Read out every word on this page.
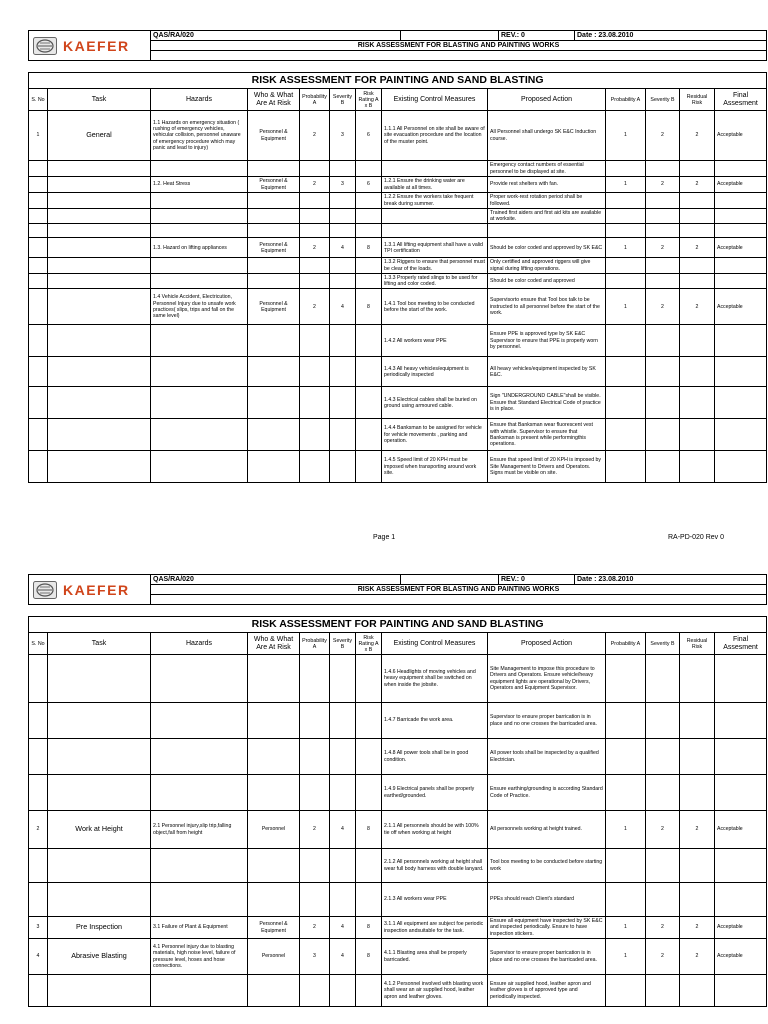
KAEFER
	QAS/RA/020		REV.: 0	Date : 23.08.2010
RISK ASSESSMENT FOR BLASTING AND PAINTING WORKS

RISK ASSESSMENT FOR PAINTING AND SAND BLASTING												
S. No	Task	Hazards	Who & What Are At Risk	Probability A	Severity B	Risk Rating A x B	Existing Control Measures	Proposed Action	Probability A	Severity B	Residual Risk	Final Assesment
1	General	1.1 Hazards on emergency situation ( rushing of emergency vehicles, vehicular collision, personnel unaware of emergency procedure which may panic and lead to injury)	Personnel & Equipment	2	3	6	1.1.1 All Personnel on site shall be aware of site evacuation procedure and the location of the muster point.	All Personnel shall undergo SK E&C Induction course.	1	2	2	Acceptable
								Emergency contact numbers of essential personnel to be displayed at site.				
		1.2. Heat Stress	Personnel & Equipment	2	3	6	1.2.1 Ensure the drinking water are available at all times.	Provide rest shelters with fan.	1	2	2	Acceptable
							1.2.2 Ensure the workers take frequent break during summer.	Proper work-rest rotation period shall be followed.				
								Trained first aiders and first aid kits are available at worksite.				

		1.3. Hazard on lifting appliances	Personnel & Equipment	2	4	8	1.3.1 All lifting equipment shall have a valid TPI certification	Should be color coded and approved by SK E&C	1	2	2	Acceptable
							1.3.2 Riggers to ensure that personnel must be clear of the loads.	Only certified and approved riggers will give signal during lifting operations.				
							1.3.3 Properly rated slings to be used for lifting and color coded.	Should be color coded and approved				
		1.4 Vehicle Accident, Electricution, Personnel Injury due to unsafe work practices( slips, trips and fall on the same level)	Personnel & Equipment	2	4	8	1.4.1 Tool box meeting to be conducted before the start of the work.	Supervisorto ensure that Tool box talk to be instructed to all personnel before the start of the work.	1	2	2	Acceptable
							1.4.2 All workers wear PPE	Ensure PPE is approved type by SK E&C Supervisor to ensure that PPE is properly worn by personnel.				
							1.4.3 All heavy vehicles/equipment is periodically inspected	All heavy vehicles/equipment inspected by SK E&C.				
							1.4.3 Electrical cables shall be buried on ground using armoured cable.	Sign "UNDERGROUND CABLE"shall be visible. Ensure that Standard Electrical Code of practice is in place.				
							1.4.4 Banksman to be assigned for vehicle for vehicle movements , parking and operation.	Ensure that Banksman wear fluorescent vest with whistle. Supervisor to ensure that Banksman is present while performingthis operations.				
							1.4.5 Speed limit of 20 KPH must be imposed when transporting around work site.	Ensure that speed limit of 20 KPH is imposed by Site Management to Drivers and Operators. Signs must be visible on site.				
Page 1	RA-PD-020 Rev 0
KAEFER
	QAS/RA/020		REV.: 0	Date : 23.08.2010
RISK ASSESSMENT FOR BLASTING AND PAINTING WORKS

RISK ASSESSMENT FOR PAINTING AND SAND BLASTING												
S. No	Task	Hazards	Who & What Are At Risk	Probability A	Severity B	Risk Rating A x B	Existing Control Measures	Proposed Action	Probability A	Severity B	Residual Risk	Final Assesment
							1.4.6 Headlights of moving vehicles and heavy equipment shall be switched on when inside the jobsite.	Site Management to impose this procedure to Drivers and Operators. Ensure vehicle/heavy equipment lights are operational by Drivers, Operators and Equipment Supervisor.				
							1.4.7 Barricade the work area.	Supervisor to ensure proper barrication is in place and no one crosses the barricaded area.				
							1.4.8 All power tools shall be in good condition.	All power tools shall be inspected by a qualified Electrician.				
							1.4.9 Electrical panels shall be properly earthed/grounded.	Ensure earthing/grounding is according Standard Code of Practice.				
2	Work at Height	2.1 Personnel injury,slip trip,falling object,fall from height	Personnel	2	4	8	2.1.1 All personnels should be with 100% tie off when working at height	All personnels working at height trained.	1	2	2	Acceptable
							2.1.2 All personnels working at height shall wear full body harness with double lanyard.	Tool box meeting to be conducted before starting work				
							2.1.3 All workers wear PPE	PPEs should reach Client's standard				
3	Pre Inspection	3.1 Failure of Plant & Equipment	Personnel & Equipment	2	4	8	3.1.1 All equipment are subject foe periodic inspection andsuitable for the task.	Ensure all equipment have inspected by SK E&C and inspected periodically. Ensure to have inspection stickers.	1	2	2	Acceptable
4	Abrasive Blasting	4.1 Personnel injury due to blasting materials, high noise level, failure of pressure level, hoses and hose connections.	Personnel	3	4	8	4.1.1 Blasting area shall be properly barricaded.	Supervisor to ensure proper barrication is in place and no one crosses the barricaded area.	1	2	2	Acceptable
							4.1.2 Personnel involved with blasting work shall wear an air supplied hood, leather apron and leather gloves.	Ensure air supplied hood, leather apron and leather gloves is of approved type and periodically inspected.				
